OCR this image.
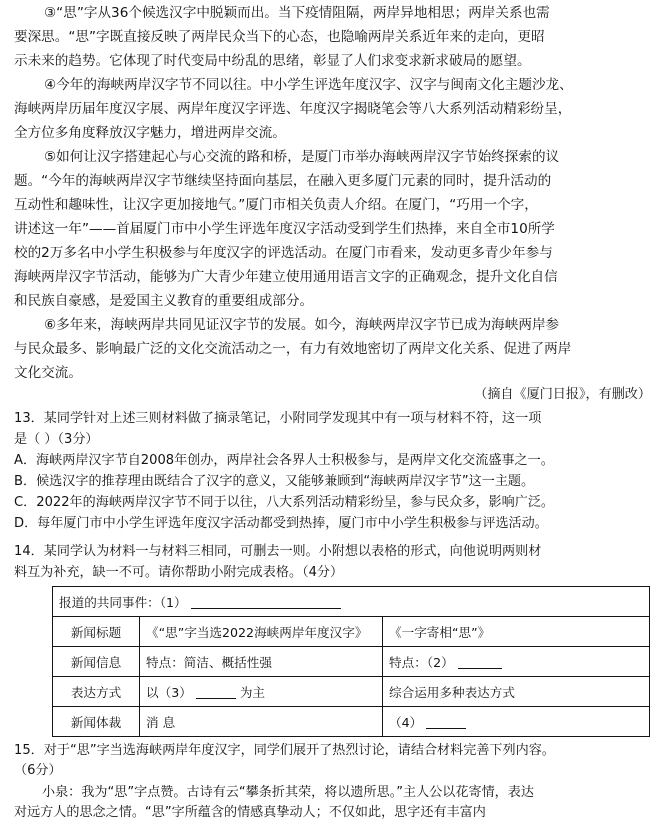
③“思”字从36个候选汉字中脱颖而出。当下疫情阻隔，两岸异地相思；两岸关系也需
要深思。“思”字既直接反映了两岸民众当下的心态，也隐喻两岸关系近年来的走向，更昭
示未来的趋势。它体现了时代变局中纷乱的思绪，彰显了人们求变求新求破局的愿望。
④今年的海峡两岸汉字节不同以往。中小学生评选年度汉字、汉字与闽南文化主题沙龙、
海峡两岸历届年度汉字展、两岸年度汉字评选、年度汉字揭晓笔会等八大系列活动精彩纷呈，
全方位多角度释放汉字魅力，增进两岸交流。
⑤如何让汉字搭建起心与心交流的路和桥，是厦门市举办海峡两岸汉字节始终探索的议
题。“今年的海峡两岸汉字节继续坚持面向基层，在融入更多厦门元素的同时，提升活动的
互动性和趣味性，让汉字更加接地气。”厦门市相关负责人介绍。在厦门，“巧用一个字，
讲述这一年”——首届厦门市中小学生评选年度汉字活动受到学生们热捧，来自全市10所学
校的2万多名中小学生积极参与年度汉字的评选活动。在厦门市看来，发动更多青少年参与
海峡两岸汉字节活动，能够为广大青少年建立使用通用语言文字的正确观念，提升文化自信
和民族自豪感，是爱国主义教育的重要组成部分。
⑥多年来，海峡两岸共同见证汉字节的发展。如今，海峡两岸汉字节已成为海峡两岸参
与民众最多、影响最广泛的文化交流活动之一，有力有效地密切了两岸文化关系、促进了两岸
文化交流。
（摘自《厦门日报》，有删改）
13．某同学针对上述三则材料做了摘录笔记，小附同学发现其中有一项与材料不符，这一项
是（ ）（3分）
A．海峡两岸汉字节自2008年创办，两岸社会各界人士积极参与，是两岸文化交流盛事之一。
B．候选汉字的推荐理由既结合了汉字的意义，又能够兼顾到“海峡两岸汉字节”这一主题。
C．2022年的海峡两岸汉字节不同于以往，八大系列活动精彩纷呈，参与民众多，影响广泛。
D．每年厦门市中小学生评选年度汉字活动都受到热捧，厦门市中小学生积极参与评选活动。
14．某同学认为材料一与材料三相同，可删去一则。小附想以表格的形式，向他说明两则材
料互为补充，缺一不可。请你帮助小附完成表格。（4分）
报道的共同事件：（1）		
新闻标题	《“思”字当选2022海峡两岸年度汉字》	《一字寄相“思”》
新闻信息	特点：简洁、概括性强	特点：（2）
表达方式	以（3） 为主	综合运用多种表达方式
新闻体裁	消 息	（4）
15．对于“思”字当选海峡两岸年度汉字，同学们展开了热烈讨论，请结合材料完善下列内容。
（6分）
小泉：我为“思”字点赞。古诗有云“攀条折其荣，将以遗所思。”主人公以花寄情，表达
对远方人的思念之情。“思”字所蕴含的情感真挚动人；不仅如此，思字还有丰富内
